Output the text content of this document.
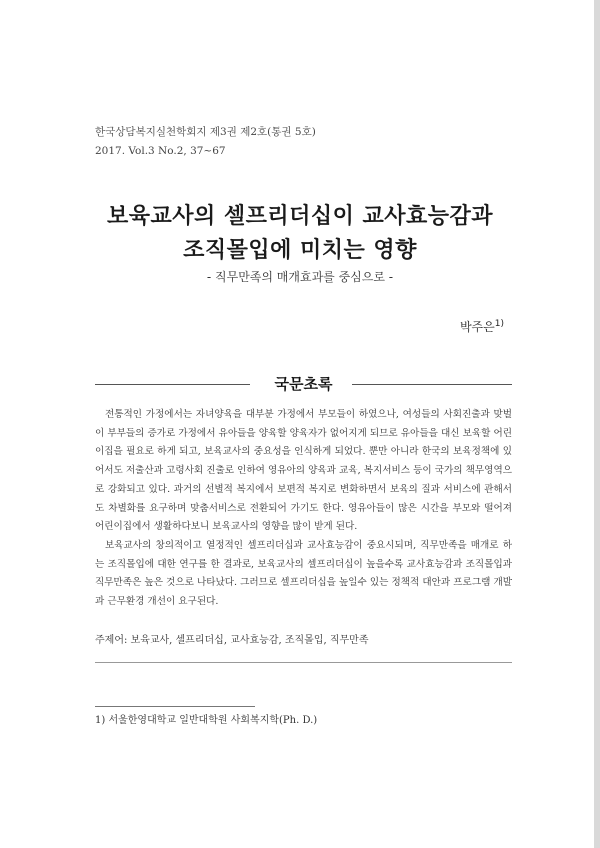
한국상담복지실천학회지 제3권 제2호(통권 5호)
2017. Vol.3 No.2, 37~67
보육교사의 셀프리더십이 교사효능감과
조직몰입에 미치는 영향
- 직무만족의 매개효과를 중심으로 -
박주은$^{1)}$
국문초록

전통적인 가정에서는 자녀양육을 대부분 가정에서 부모들이 하였으나, 여성들의 사회진출과 맞벌이 부부들의 증가로 가정에서 유아들을 양육할 양육자가 없어지게 되므로 유아들을 대신 보육할 어린이집을 필요로 하게 되고, 보육교사의 중요성을 인식하게 되었다. 뿐만 아니라 한국의 보육정책에 있어서도 저출산과 고령사회 진출로 인하여 영유아의 양육과 교육, 복지서비스 등이 국가의 책무영역으로 강화되고 있다. 과거의 선별적 복지에서 보편적 복지로 변화하면서 보육의 질과 서비스에 관해서도 차별화를 요구하며 맞춤서비스로 전환되어 가기도 한다. 영유아들이 많은 시간을 부모와 떨어져 어린이집에서 생활하다보니 보육교사의 영향을 많이 받게 된다.

보육교사의 창의적이고 열정적인 셀프리더십과 교사효능감이 중요시되며, 직무만족을 매개로 하는 조직몰입에 대한 연구를 한 결과로, 보육교사의 셀프리더십이 높을수록 교사효능감과 조직몰입과 직무만족은 높은 것으로 나타났다. 그러므로 셀프리더십을 높일수 있는 정책적 대안과 프로그램 개발과 근무환경 개선이 요구된다.

주제어: 보육교사, 셀프리더십, 교사효능감, 조직몰입, 직무만족
1) 서울한영대학교 일반대학원 사회복지학(Ph. D.)
